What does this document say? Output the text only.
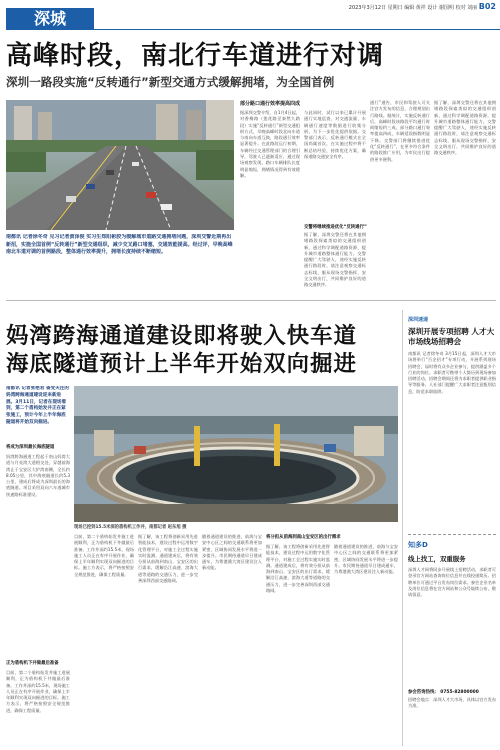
深城
2023年3月12日 星期日 编辑 黄祥 设计 谢国明 校对 刘丽 B02
高峰时段，南北行车道进行对调
深圳一路段实施“反转通行”新型交通方式缓解拥堵，为全国首例
南都讯 记者徐冬奇 见习记者黄泽俊 实习生郑阳彬胶为缓解城市道路交通拥堵问题，深圳交警近期再出新招，实施全国首例“反转通行”新型交通组织，减少交叉路口堵塞，交通效能提高。经过评，早晚高峰南北车道对调的首例路段，整体通行效率提升，拥堵长度持续不断缩短。
部分路口通行效率提高四成
据深圳交警介绍，自1月4日起，对香梅路（莲花路至泰然九路段）实施“反转通行”新型交通组织方式，早晚高峰时段北向车道与南向车道互换，路段通行效率显著提升。在此路段运行初期，车辆经过交通管理部门的合理引导，驾驶人已逐渐适应。通过现场观察发现，路口车辆排队长度明显缩短，拥堵情况得到有效缓解。
与此同时，试行以来已累计开展通行实地巡查，对交通流量、车辆通行速度等数据进行收集分析，为下一步优化提供依据。交警部门表示，反转通行模式在全国尚属首次，在实施过程中将不断总结经验，持续优化方案，确保道路交通安全有序。
交警将继续推进优化“反转通行”
据了解，深圳交警还将在其他拥堵路段探索类似的交通组织创新，通过科学调配道路资源，提升城市道路整体通行能力。交警提醒广大驾驶人，途经实施反转通行路段时，请注意观察交通标志标线，服从现场交警指挥，安全文明出行，共同维护良好的道路交通秩序。
通行”通告，市民和驾驶人可关注官方发布的信息，合理规划出行路线。据统计，实施反转通行后，高峰时段该路段平均通行时间缩短约三成，部分路口通行效率提高四成，车辆延误指数明显下降。交警部门将继续推进优化“反转通行”，在更多符合条件的路段推广应用，为市民出行提供更多便利。
据了解，深圳交警还将在其他拥堵路段探索类似的交通组织创新，通过科学调配道路资源，提升城市道路整体通行能力。交警提醒广大驾驶人，途经实施反转通行路段时，请注意观察交通标志标线，服从现场交警指挥，安全文明出行，共同维护良好的道路交通秩序。
妈湾跨海通道建设即将驶入快车道
海底隧道预计上半年开始双向掘进
南都讯 记者张艳君 备受关注的妈湾跨海通道建设迎来新进展。3月11日，记者在现场看到，第二个盾构始发井正在紧张施工，预计今年上半年海底隧道将开始双向掘进。
将成为深圳最长海底隧道
妈湾跨海通道工程起于南山妈湾大道与月亮湾大道相交处，穿越前海湾止于宝安区大铲湾南侧，全长约8.05公里，其中海底隧道长约5.3公里，建成后将成为深圳最长的海底隧道。项目采用双向六车道城市快速路标准建设。
正为盾构机下井做最后准备
目前，第二个盾构始发井施工进展顺利，正为盾构机下井做最后准备。工作井深约15.5米，现场施工人员正在有序开展作业，确保上半年顺利实现双向掘进的目标。施工方表示，将严格按照安全规范推进，确保工程质量。
现场已挖到15.5米深的盾构机工作井，南都记者 赵东旭 摄
目前，第二个盾构始发井施工进展顺利，正为盾构机下井做最后准备。工作井深约15.5米，现场施工人员正在有序开展作业，确保上半年顺利实现双向掘进的目标。施工方表示，将严格按照安全规范推进，确保工程质量。
据了解，该工程将创新采用先进智能技术，建设过程中运用数字化管理平台，对施工全过程实施实时监测。通道建成后，将有效分担从前海到南山、宝安区的出行需求，缓解沿江高速、滨海大道等道路的交通压力，进一步完善深圳西部交通路网。
随着通道建设的推进，前海与宝安中心区之间的交通联系将更加紧密，区域协同发展水平将进一步提升。市民期待通道早日建成通车，为粤港澳大湾区建设注入新动能。
将分担从前海到南山宝安区的出行需求
据了解，该工程将创新采用先进智能技术，建设过程中运用数字化管理平台，对施工全过程实施实时监测。通道建成后，将有效分担从前海到南山、宝安区的出行需求，缓解沿江高速、滨海大道等道路的交通压力，进一步完善深圳西部交通路网。
随着通道建设的推进，前海与宝安中心区之间的交通联系将更加紧密，区域协同发展水平将进一步提升。市民期待通道早日建成通车，为粤港澳大湾区建设注入新动能。
深圳速递
深圳开展专项招聘 人才大市场线场招聘会
南都讯 记者徐冬奇 3月15日起，深圳人才大市场将举行“百企招才”专项行动，开展系列现场招聘会，届时将有众多企业参与，提供涵盖多个行业的岗位。求职者可携带个人简历到现场参加招聘活动，招聘会期间还将为求职者提供职业指导等服务。人社部门提醒广大求职者注意甄别信息，防范求职陷阱。
知多D
线上找工，双重服务
深圳人才网将同步开展线上招聘活动，求职者可登录官方网站查询岗位信息并在线投递简历。招聘单位可通过平台发布岗位需求。参会企业名单及岗位信息将在官方网站和公众号陆续公布，敬请留意。
参会咨询热线： 0755-82800000
招聘会地点：深圳人才大市场，具体以官方发布为准。
